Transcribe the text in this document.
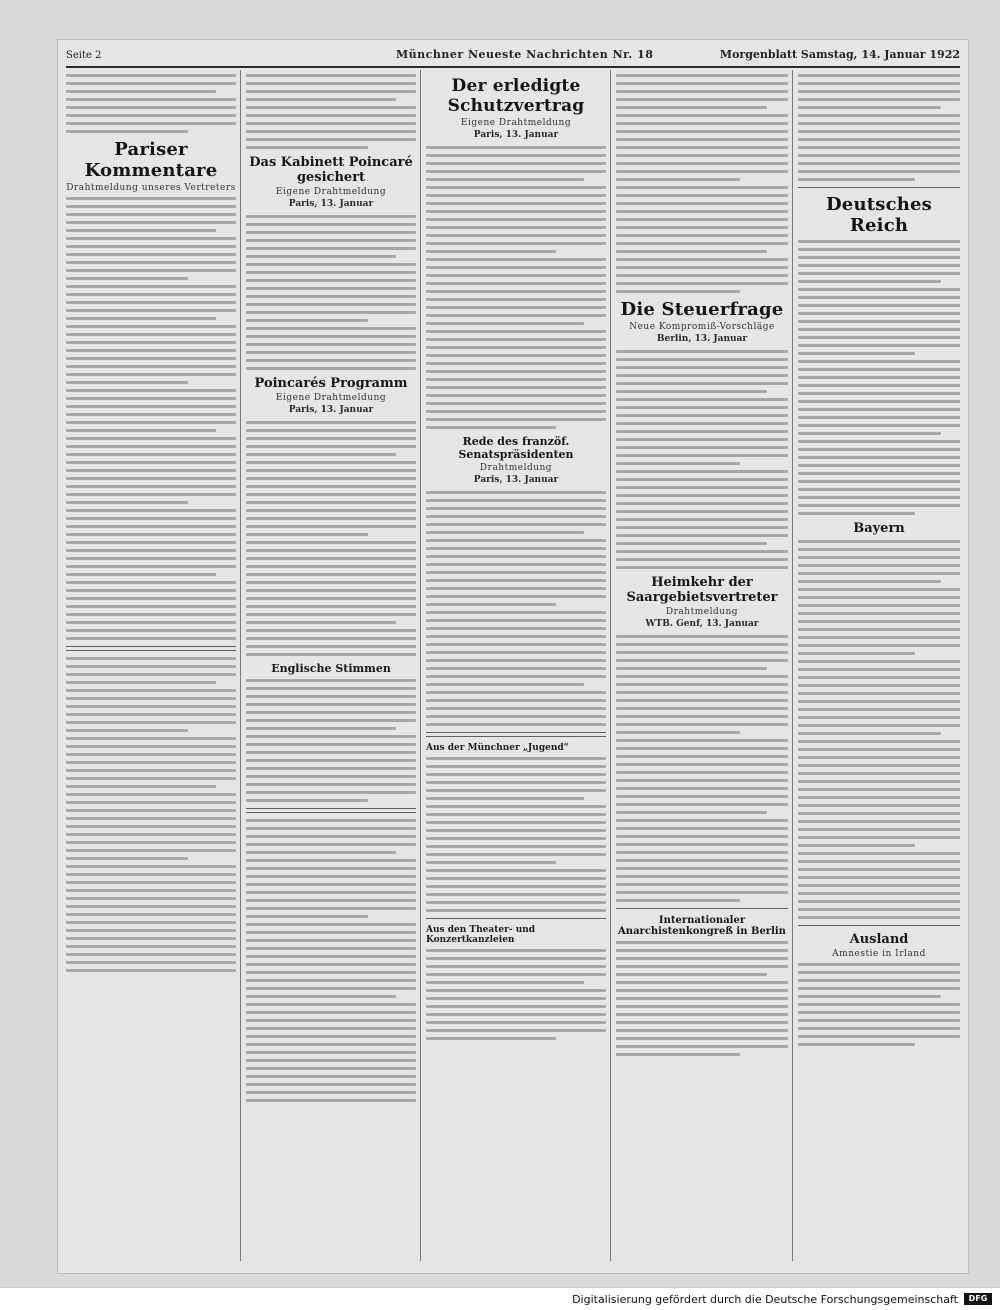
Seite 2	Münchner Neueste Nachrichten Nr. 18	Morgenblatt Samstag, 14. Januar 1922
Pariser Kommentare
Drahtmeldung unseres Vertreters
Das Kabinett Poincaré gesichert
Eigene Drahtmeldung
Paris, 13. Januar
Poincarés Programm
Eigene Drahtmeldung
Paris, 13. Januar
Englische Stimmen
Der erledigte Schutzvertrag
Eigene Drahtmeldung
Paris, 13. Januar
Rede des franzöf. Senatspräsidenten
Drahtmeldung
Paris, 13. Januar
Aus der Münchner „Jugend“
Aus den Theater- und Konzertkanzleien
Die Steuerfrage
Neue Kompromiß-Vorschläge
Berlin, 13. Januar
Heimkehr der Saargebietsvertreter
Drahtmeldung
WTB. Genf, 13. Januar
Internationaler Anarchistenkongreß in Berlin
Deutsches Reich
Bayern
Ausland
Amnestie in Irland
Digitalisierung gefördert durch die Deutsche Forschungsgemeinschaft	DFG
